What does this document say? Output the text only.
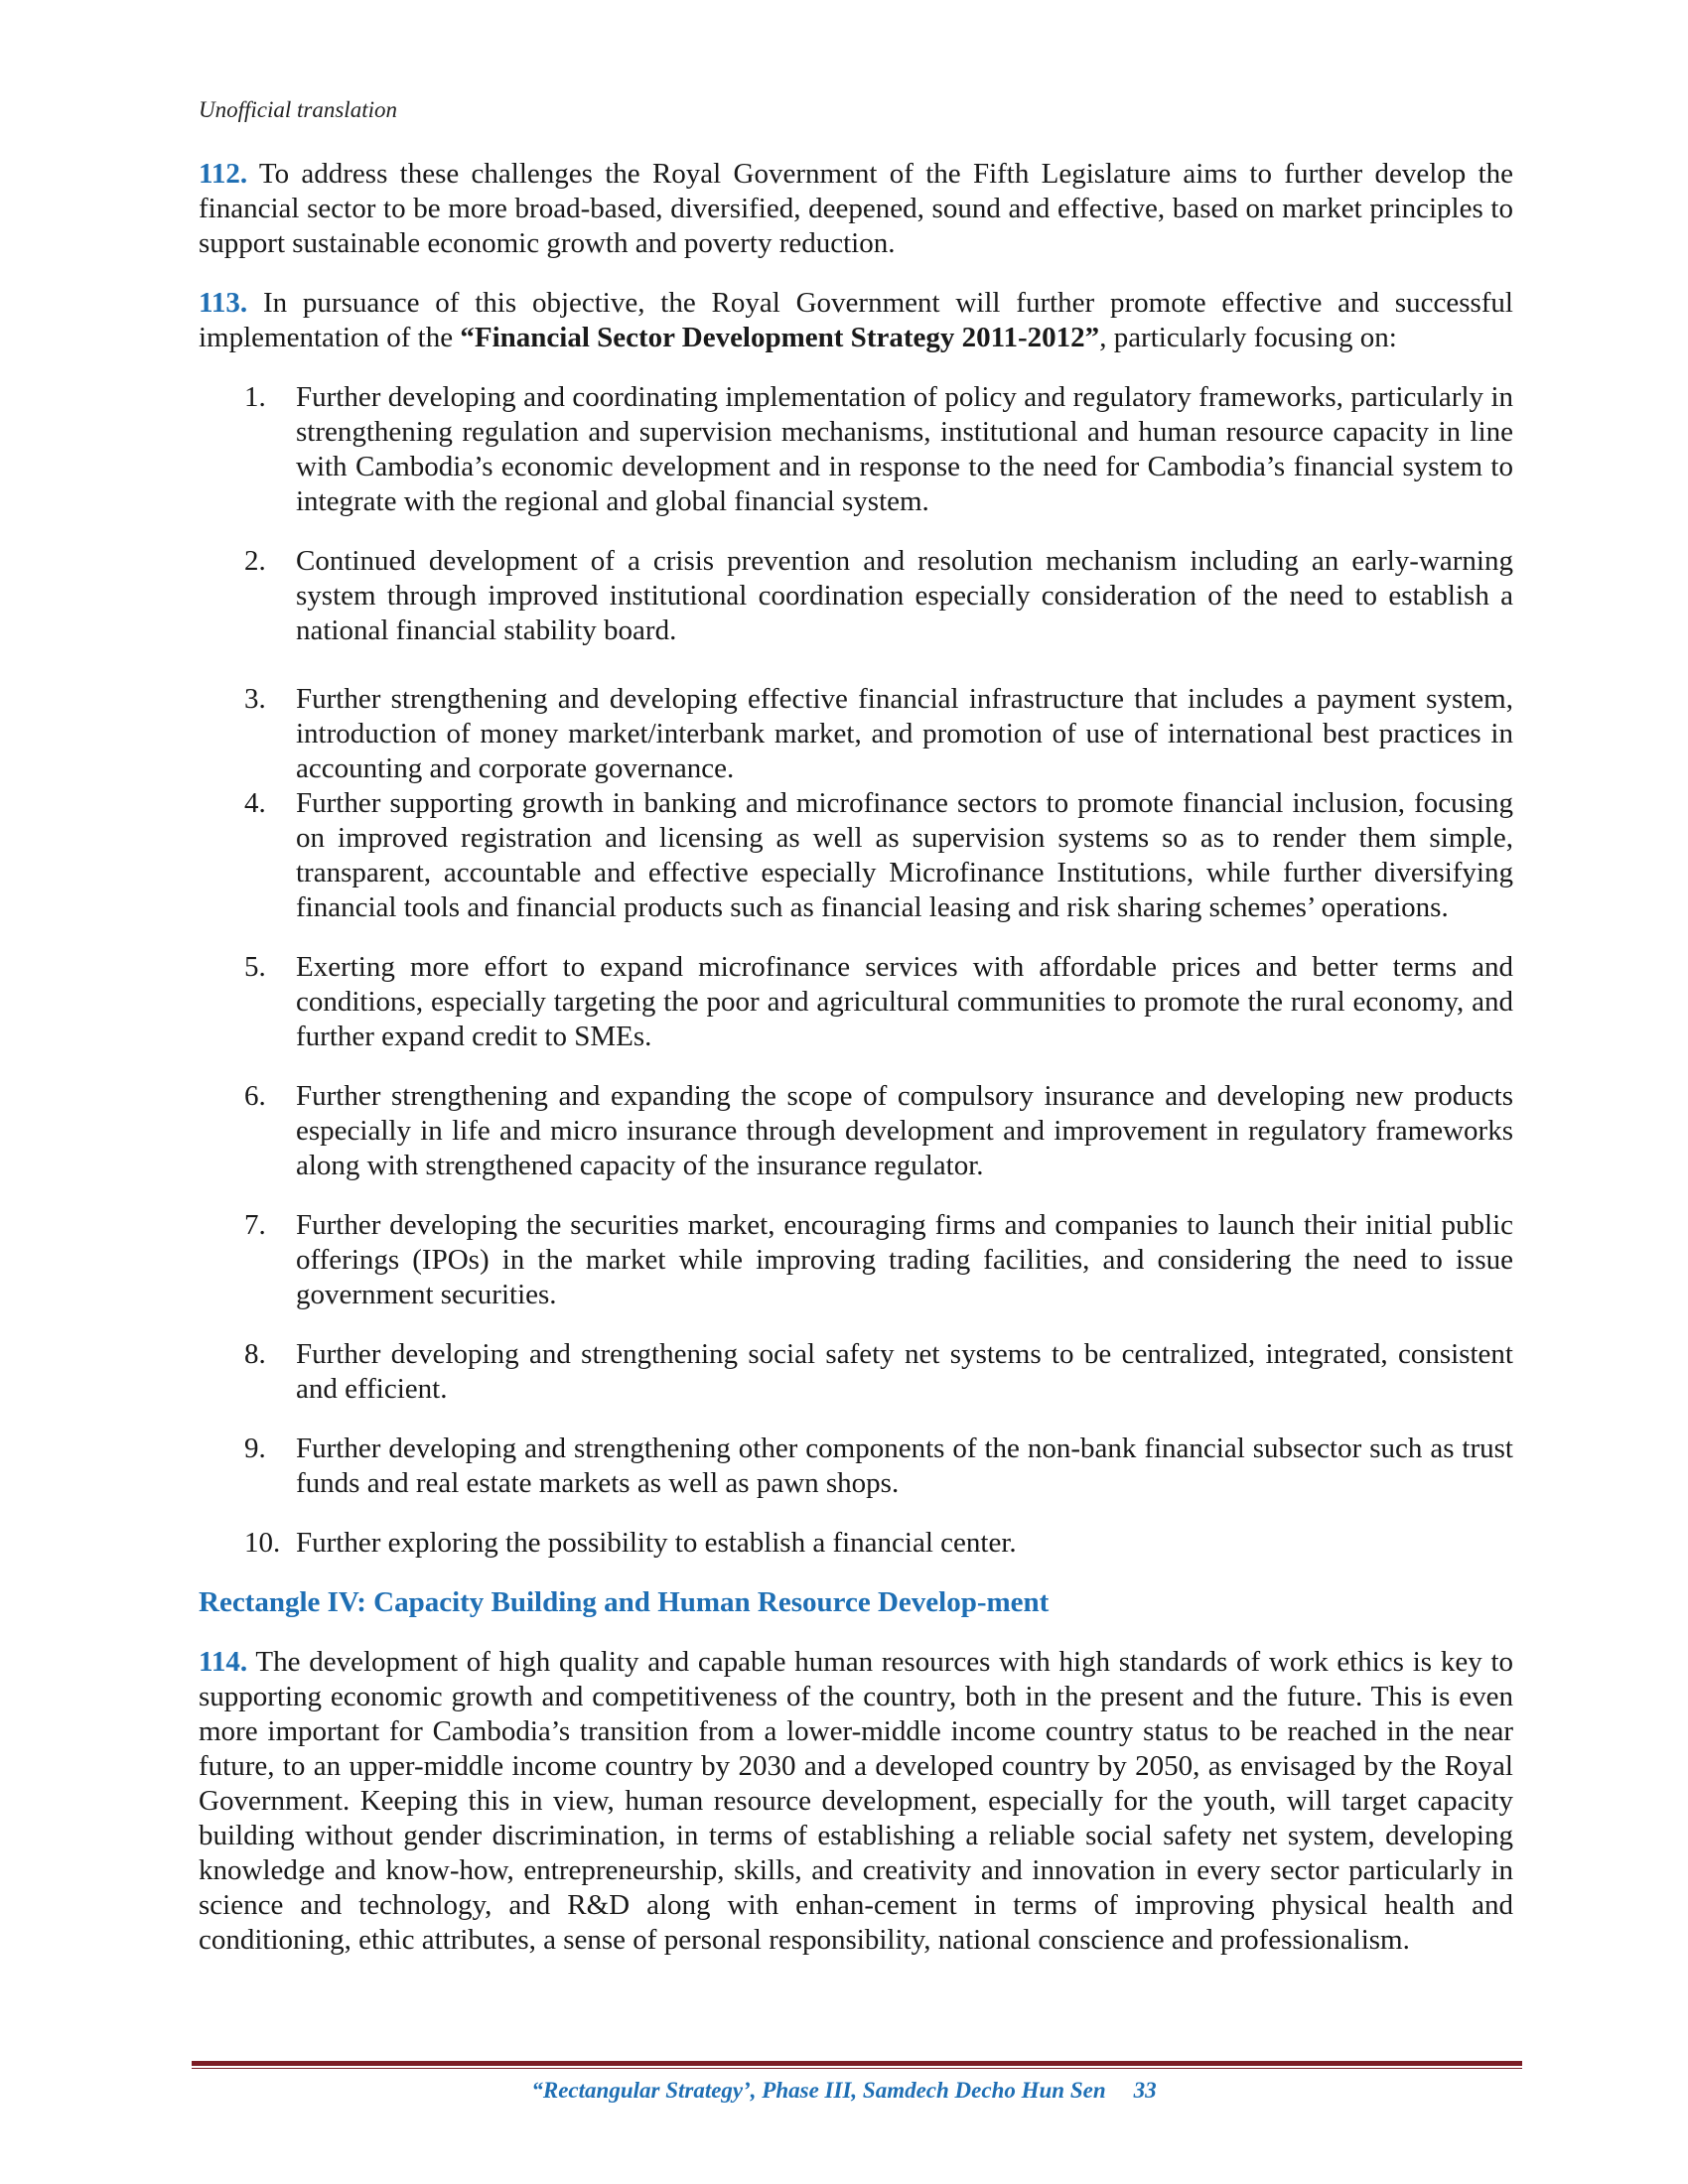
Unofficial translation

112. To address these challenges the Royal Government of the Fifth Legislature aims to further develop the financial sector to be more broad-based, diversified, deepened, sound and effective, based on market principles to support sustainable economic growth and poverty reduction.

113. In pursuance of this objective, the Royal Government will further promote effective and successful implementation of the “Financial Sector Development Strategy 2011-2012”, particularly focusing on:

1. Further developing and coordinating implementation of policy and regulatory frameworks, particularly in strengthening regulation and supervision mechanisms, institutional and human resource capacity in line with Cambodia’s economic development and in response to the need for Cambodia’s financial system to integrate with the regional and global financial system.
2. Continued development of a crisis prevention and resolution mechanism including an early-warning system through improved institutional coordination especially consideration of the need to establish a national financial stability board.
3. Further strengthening and developing effective financial infrastructure that includes a payment system, introduction of money market/interbank market, and promotion of use of international best practices in accounting and corporate governance.
4. Further supporting growth in banking and microfinance sectors to promote financial inclusion, focusing on improved registration and licensing as well as supervision systems so as to render them simple, transparent, accountable and effective especially Microfinance Institutions, while further diversifying financial tools and financial products such as financial leasing and risk sharing schemes’ operations.
5. Exerting more effort to expand microfinance services with affordable prices and better terms and conditions, especially targeting the poor and agricultural communities to promote the rural economy, and further expand credit to SMEs.
6. Further strengthening and expanding the scope of compulsory insurance and developing new products especially in life and micro insurance through development and improvement in regulatory frameworks along with strengthened capacity of the insurance regulator.
7. Further developing the securities market, encouraging firms and companies to launch their initial public offerings (IPOs) in the market while improving trading facilities, and considering the need to issue government securities.
8. Further developing and strengthening social safety net systems to be centralized, integrated, consistent and efficient.
9. Further developing and strengthening other components of the non-bank financial subsector such as trust funds and real estate markets as well as pawn shops.
10. Further exploring the possibility to establish a financial center.
Rectangle IV: Capacity Building and Human Resource Develop-ment

114. The development of high quality and capable human resources with high standards of work ethics is key to supporting economic growth and competitiveness of the country, both in the present and the future. This is even more important for Cambodia’s transition from a lower-middle income country status to be reached in the near future, to an upper-middle income country by 2030 and a developed country by 2050, as envisaged by the Royal Government. Keeping this in view, human resource development, especially for the youth, will target capacity building without gender discrimination, in terms of establishing a reliable social safety net system, developing knowledge and know-how, entrepreneurship, skills, and creativity and innovation in every sector particularly in science and technology, and R&D along with enhan-cement in terms of improving physical health and conditioning, ethic attributes, a sense of personal responsibility, national conscience and professionalism.

“Rectangular Strategy’, Phase III, Samdech Decho Hun Sen 33
